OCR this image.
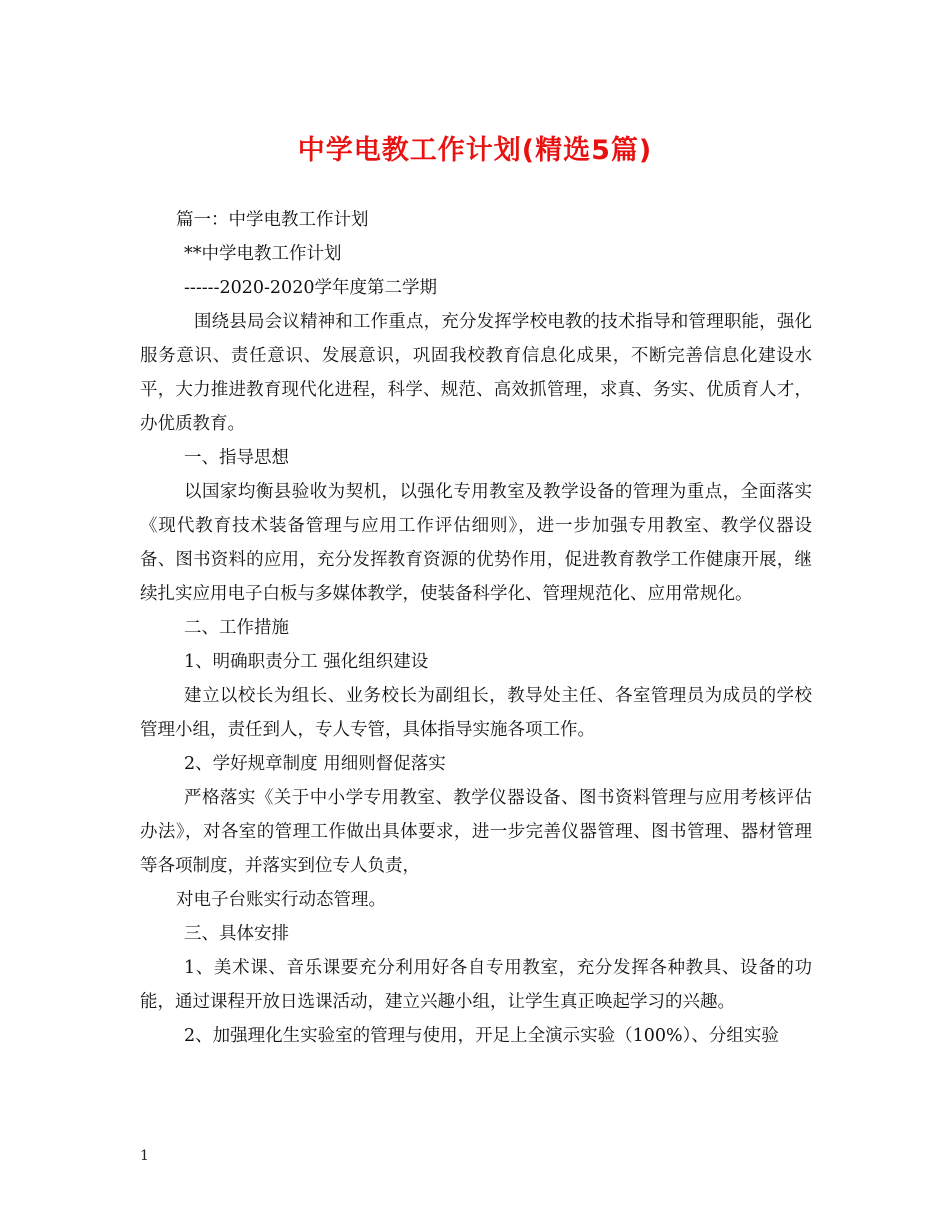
中学电教工作计划(精选5篇)

篇一：中学电教工作计划

**中学电教工作计划

------2020-2020学年度第二学期

围绕县局会议精神和工作重点，充分发挥学校电教的技术指导和管理职能，强化服务意识、责任意识、发展意识，巩固我校教育信息化成果，不断完善信息化建设水平，大力推进教育现代化进程，科学、规范、高效抓管理，求真、务实、优质育人才，办优质教育。

一、指导思想

以国家均衡县验收为契机，以强化专用教室及教学设备的管理为重点，全面落实《现代教育技术装备管理与应用工作评估细则》，进一步加强专用教室、教学仪器设备、图书资料的应用，充分发挥教育资源的优势作用，促进教育教学工作健康开展，继续扎实应用电子白板与多媒体教学，使装备科学化、管理规范化、应用常规化。

二、工作措施

1、明确职责分工 强化组织建设

建立以校长为组长、业务校长为副组长，教导处主任、各室管理员为成员的学校管理小组，责任到人，专人专管，具体指导实施各项工作。

2、学好规章制度 用细则督促落实

严格落实《关于中小学专用教室、教学仪器设备、图书资料管理与应用考核评估办法》，对各室的管理工作做出具体要求，进一步完善仪器管理、图书管理、器材管理等各项制度，并落实到位专人负责，

对电子台账实行动态管理。

三、具体安排

1、美术课、音乐课要充分利用好各自专用教室，充分发挥各种教具、设备的功能，通过课程开放日选课活动，建立兴趣小组，让学生真正唤起学习的兴趣。

2、加强理化生实验室的管理与使用，开足上全演示实验（100%）、分组实验

1
